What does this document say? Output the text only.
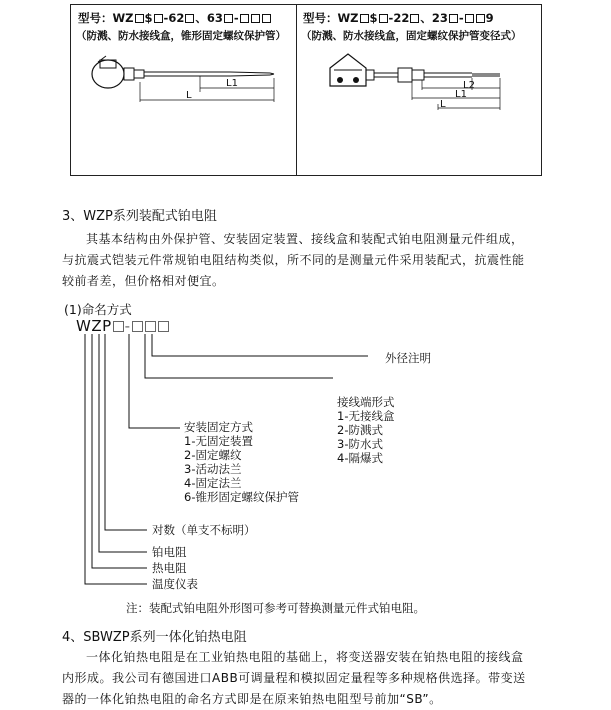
型号：WZ $ -62 、63 -
（防溅、防水接线盒，锥形固定螺纹保护管）
L1
L
型号：WZ $ -22 、23 - 9
（防溅、防水接线盒，固定螺纹保护管变径式）
L2
L1
L
3、WZP系列装配式铂电阻
其基本结构由外保护管、安装固定装置、接线盒和装配式铂电阻测量元件组成，
与抗震式铠装元件常规铂电阻结构类似，所不同的是测量元件采用装配式，抗震性能
较前者差，但价格相对便宜。
(1)命名方式
WZP -
外径注明
接线端形式
1-无接线盒
2-防溅式
3-防水式
4-隔爆式
安装固定方式
1-无固定装置
2-固定螺纹
3-活动法兰
4-固定法兰
6-锥形固定螺纹保护管
对数（单支不标明）
铂电阻
热电阻
温度仪表
注：装配式铂电阻外形图可参考可替换测量元件式铂电阻。
4、SBWZP系列一体化铂热电阻
一体化铂热电阻是在工业铂热电阻的基础上，将变送器安装在铂热电阻的接线盒
内形成。我公司有德国进口ABB可调量程和模拟固定量程等多种规格供选择。带变送
器的一体化铂热电阻的命名方式即是在原来铂热电阻型号前加“SB”。
